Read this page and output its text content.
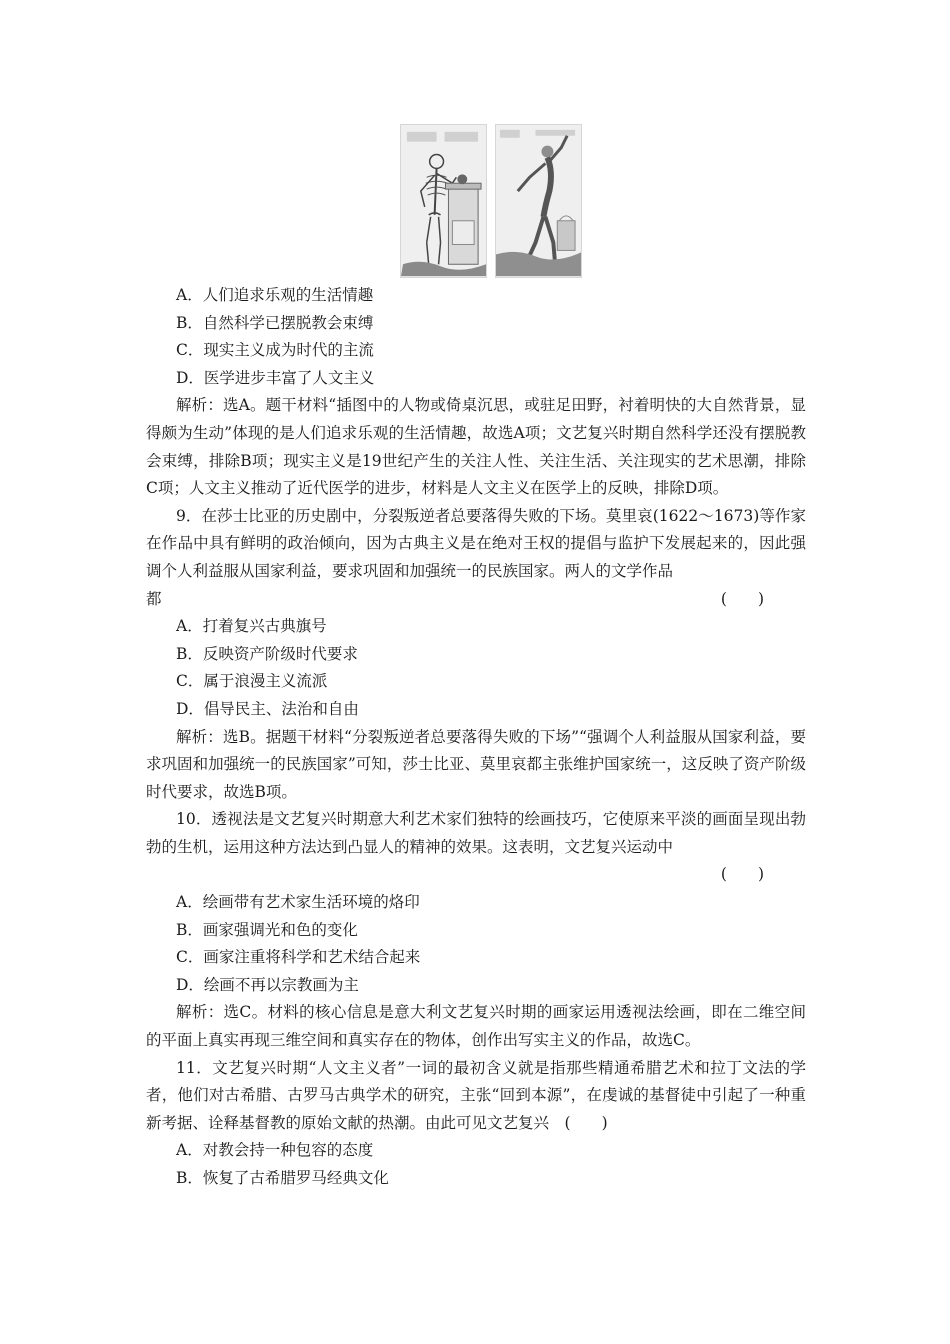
A．人们追求乐观的生活情趣

B．自然科学已摆脱教会束缚

C．现实主义成为时代的主流

D．医学进步丰富了人文主义

解析：选A。题干材料“插图中的人物或倚桌沉思，或驻足田野，衬着明快的大自然背景，显得颇为生动”体现的是人们追求乐观的生活情趣，故选A项；文艺复兴时期自然科学还没有摆脱教会束缚，排除B项；现实主义是19世纪产生的关注人性、关注生活、关注现实的艺术思潮，排除C项；人文主义推动了近代医学的进步，材料是人文主义在医学上的反映，排除D项。

9．在莎士比亚的历史剧中，分裂叛逆者总要落得失败的下场。莫里哀(1622～1673)等作家在作品中具有鲜明的政治倾向，因为古典主义是在绝对王权的提倡与监护下发展起来的，因此强调个人利益服从国家利益，要求巩固和加强统一的民族国家。两人的文学作品

都	(　　)

A．打着复兴古典旗号

B．反映资产阶级时代要求

C．属于浪漫主义流派

D．倡导民主、法治和自由

解析：选B。据题干材料“分裂叛逆者总要落得失败的下场”“强调个人利益服从国家利益，要求巩固和加强统一的民族国家”可知，莎士比亚、莫里哀都主张维护国家统一，这反映了资产阶级时代要求，故选B项。

10．透视法是文艺复兴时期意大利艺术家们独特的绘画技巧，它使原来平淡的画面呈现出勃勃的生机，运用这种方法达到凸显人的精神的效果。这表明，文艺复兴运动中

(　　)

A．绘画带有艺术家生活环境的烙印

B．画家强调光和色的变化

C．画家注重将科学和艺术结合起来

D．绘画不再以宗教画为主

解析：选C。材料的核心信息是意大利文艺复兴时期的画家运用透视法绘画，即在二维空间的平面上真实再现三维空间和真实存在的物体，创作出写实主义的作品，故选C。

11．文艺复兴时期“人文主义者”一词的最初含义就是指那些精通希腊艺术和拉丁文法的学者，他们对古希腊、古罗马古典学术的研究，主张“回到本源”，在虔诚的基督徒中引起了一种重新考据、诠释基督教的原始文献的热潮。由此可见文艺复兴　 (　　)

A．对教会持一种包容的态度

B．恢复了古希腊罗马经典文化
